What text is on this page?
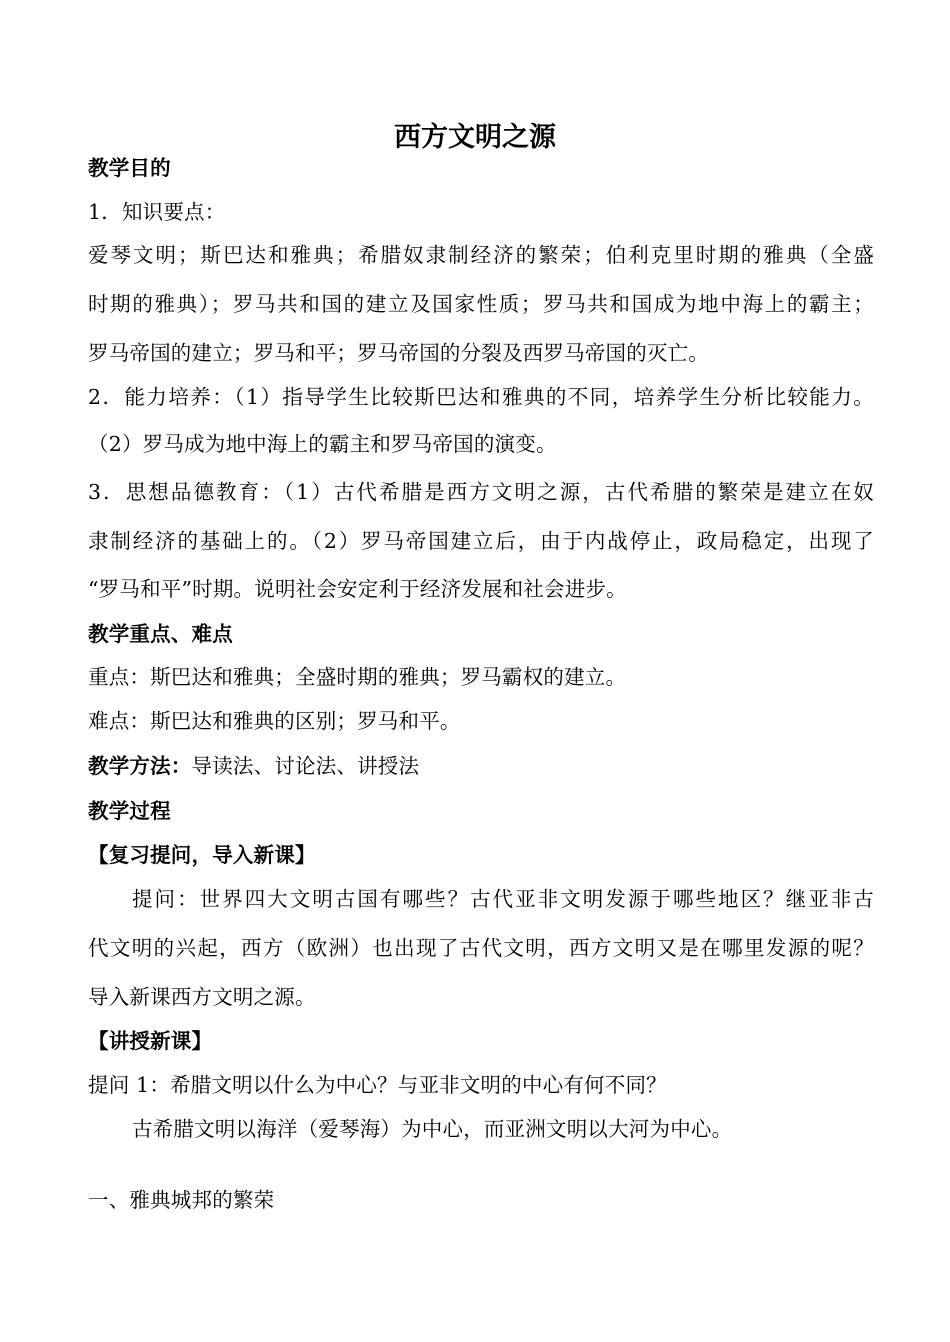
西方文明之源
教学目的
1．知识要点：
爱琴文明；斯巴达和雅典；希腊奴隶制经济的繁荣；伯利克里时期的雅典（全盛
时期的雅典）；罗马共和国的建立及国家性质；罗马共和国成为地中海上的霸主；
罗马帝国的建立；罗马和平；罗马帝国的分裂及西罗马帝国的灭亡。
2．能力培养：（1）指导学生比较斯巴达和雅典的不同，培养学生分析比较能力。
（2）罗马成为地中海上的霸主和罗马帝国的演变。
3．思想品德教育：（1）古代希腊是西方文明之源，古代希腊的繁荣是建立在奴
隶制经济的基础上的。（2）罗马帝国建立后，由于内战停止，政局稳定，出现了
“罗马和平”时期。说明社会安定利于经济发展和社会进步。
教学重点、难点
重点：斯巴达和雅典；全盛时期的雅典；罗马霸权的建立。
难点：斯巴达和雅典的区别；罗马和平。
教学方法：导读法、讨论法、讲授法
教学过程
【复习提问，导入新课】
提问：世界四大文明古国有哪些？古代亚非文明发源于哪些地区？继亚非古
代文明的兴起，西方（欧洲）也出现了古代文明，西方文明又是在哪里发源的呢？
导入新课西方文明之源。
【讲授新课】
提问 1：希腊文明以什么为中心？与亚非文明的中心有何不同？
古希腊文明以海洋（爱琴海）为中心，而亚洲文明以大河为中心。
一、雅典城邦的繁荣
